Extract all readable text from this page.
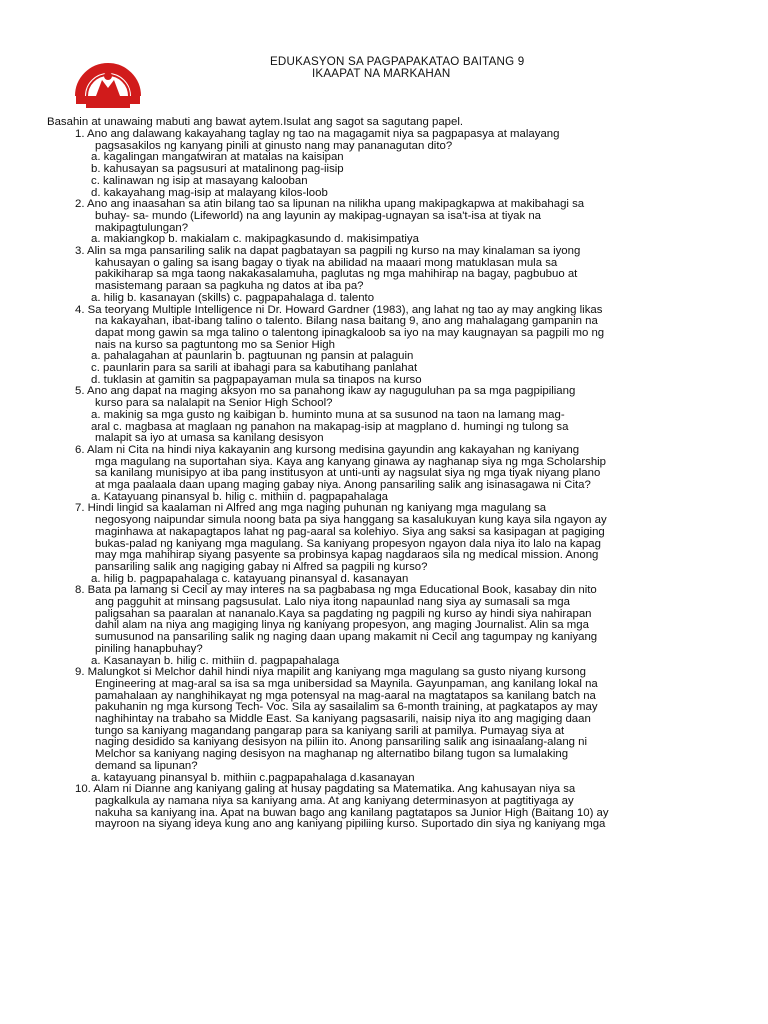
EDUKASYON SA PAGPAPAKATAO BAITANG 9
IKAAPAT NA MARKAHAN
Basahin at unawaing mabuti ang bawat aytem.Isulat ang sagot sa sagutang papel.
1. Ano ang dalawang kakayahang taglay ng tao na magagamit niya sa pagpapasya at malayang
pagsasakilos ng kanyang pinili at ginusto nang may pananagutan dito?
a. kagalingan mangatwiran at matalas na kaisipan
b. kahusayan sa pagsusuri at matalinong pag-iisip
c. kalinawan ng isip at masayang kalooban
d. kakayahang mag-isip at malayang kilos-loob
2. Ano ang inaasahan sa atin bilang tao sa lipunan na nilikha upang makipagkapwa at makibahagi sa
buhay- sa- mundo (Lifeworld) na ang layunin ay makipag-ugnayan sa isa't-isa at tiyak na
makipagtulungan?
a. makiangkop b. makialam c. makipagkasundo d. makisimpatiya
3. Alin sa mga pansariling salik na dapat pagbatayan sa pagpili ng kurso na may kinalaman sa iyong
kahusayan o galing sa isang bagay o tiyak na abilidad na maaari mong matuklasan mula sa
pakikiharap sa mga taong nakakasalamuha, paglutas ng mga mahihirap na bagay, pagbubuo at
masistemang paraan sa pagkuha ng datos at iba pa?
a. hilig b. kasanayan (skills) c. pagpapahalaga d. talento
4. Sa teoryang Multiple Intelligence ni Dr. Howard Gardner (1983), ang lahat ng tao ay may angking likas
na kakayahan, ibat-ibang talino o talento. Bilang nasa baitang 9, ano ang mahalagang gampanin na
dapat mong gawin sa mga talino o talentong ipinagkaloob sa iyo na may kaugnayan sa pagpili mo ng
nais na kurso sa pagtuntong mo sa Senior High
a. pahalagahan at paunlarin b. pagtuunan ng pansin at palaguin
c. paunlarin para sa sarili at ibahagi para sa kabutihang panlahat
d. tuklasin at gamitin sa pagpapayaman mula sa tinapos na kurso
5. Ano ang dapat na maging aksyon mo sa panahong ikaw ay naguguluhan pa sa mga pagpipiliang
kurso para sa nalalapit na Senior High School?
a. makinig sa mga gusto ng kaibigan b. huminto muna at sa susunod na taon na lamang mag-
aral c. magbasa at maglaan ng panahon na makapag-isip at magplano d. humingi ng tulong sa
malapit sa iyo at umasa sa kanilang desisyon
6. Alam ni Cita na hindi niya kakayanin ang kursong medisina gayundin ang kakayahan ng kaniyang
mga magulang na suportahan siya. Kaya ang kanyang ginawa ay naghanap siya ng mga Scholarship
sa kanilang munisipyo at iba pang institusyon at unti-unti ay nagsulat siya ng mga tiyak niyang plano
at mga paalaala daan upang maging gabay niya. Anong pansariling salik ang isinasagawa ni Cita?
a. Katayuang pinansyal b. hilig c. mithiin d. pagpapahalaga
7. Hindi lingid sa kaalaman ni Alfred ang mga naging puhunan ng kaniyang mga magulang sa
negosyong naipundar simula noong bata pa siya hanggang sa kasalukuyan kung kaya sila ngayon ay
maginhawa at nakapagtapos lahat ng pag-aaral sa kolehiyo. Siya ang saksi sa kasipagan at pagiging
bukas-palad ng kaniyang mga magulang. Sa kaniyang propesyon ngayon dala niya ito lalo na kapag
may mga mahihirap siyang pasyente sa probinsya kapag nagdaraos sila ng medical mission. Anong
pansariling salik ang nagiging gabay ni Alfred sa pagpili ng kurso?
a. hilig b. pagpapahalaga c. katayuang pinansyal d. kasanayan
8. Bata pa lamang si Cecil ay may interes na sa pagbabasa ng mga Educational Book, kasabay din nito
ang pagguhit at minsang pagsusulat. Lalo niya itong napaunlad nang siya ay sumasali sa mga
paligsahan sa paaralan at nananalo.Kaya sa pagdating ng pagpili ng kurso ay hindi siya nahirapan
dahil alam na niya ang magiging linya ng kaniyang propesyon, ang maging Journalist. Alin sa mga
sumusunod na pansariling salik ng naging daan upang makamit ni Cecil ang tagumpay ng kaniyang
piniling hanapbuhay?
a. Kasanayan b. hilig c. mithiin d. pagpapahalaga
9. Malungkot si Melchor dahil hindi niya mapilit ang kaniyang mga magulang sa gusto niyang kursong
Engineering at mag-aral sa isa sa mga unibersidad sa Maynila. Gayunpaman, ang kanilang lokal na
pamahalaan ay nanghihikayat ng mga potensyal na mag-aaral na magtatapos sa kanilang batch na
pakuhanin ng mga kursong Tech- Voc. Sila ay sasailalim sa 6-month training, at pagkatapos ay may
naghihintay na trabaho sa Middle East. Sa kaniyang pagsasarili, naisip niya ito ang magiging daan
tungo sa kaniyang magandang pangarap para sa kaniyang sarili at pamilya. Pumayag siya at
naging desidido sa kaniyang desisyon na piliin ito. Anong pansariling salik ang isinaalang-alang ni
Melchor sa kaniyang naging desisyon na maghanap ng alternatibo bilang tugon sa lumalaking
demand sa lipunan?
a. katayuang pinansyal b. mithiin c.pagpapahalaga d.kasanayan
10. Alam ni Dianne ang kaniyang galing at husay pagdating sa Matematika. Ang kahusayan niya sa
pagkalkula ay namana niya sa kaniyang ama. At ang kaniyang determinasyon at pagtitiyaga ay
nakuha sa kaniyang ina. Apat na buwan bago ang kanilang pagtatapos sa Junior High (Baitang 10) ay
mayroon na siyang ideya kung ano ang kaniyang pipiliing kurso. Suportado din siya ng kaniyang mga
